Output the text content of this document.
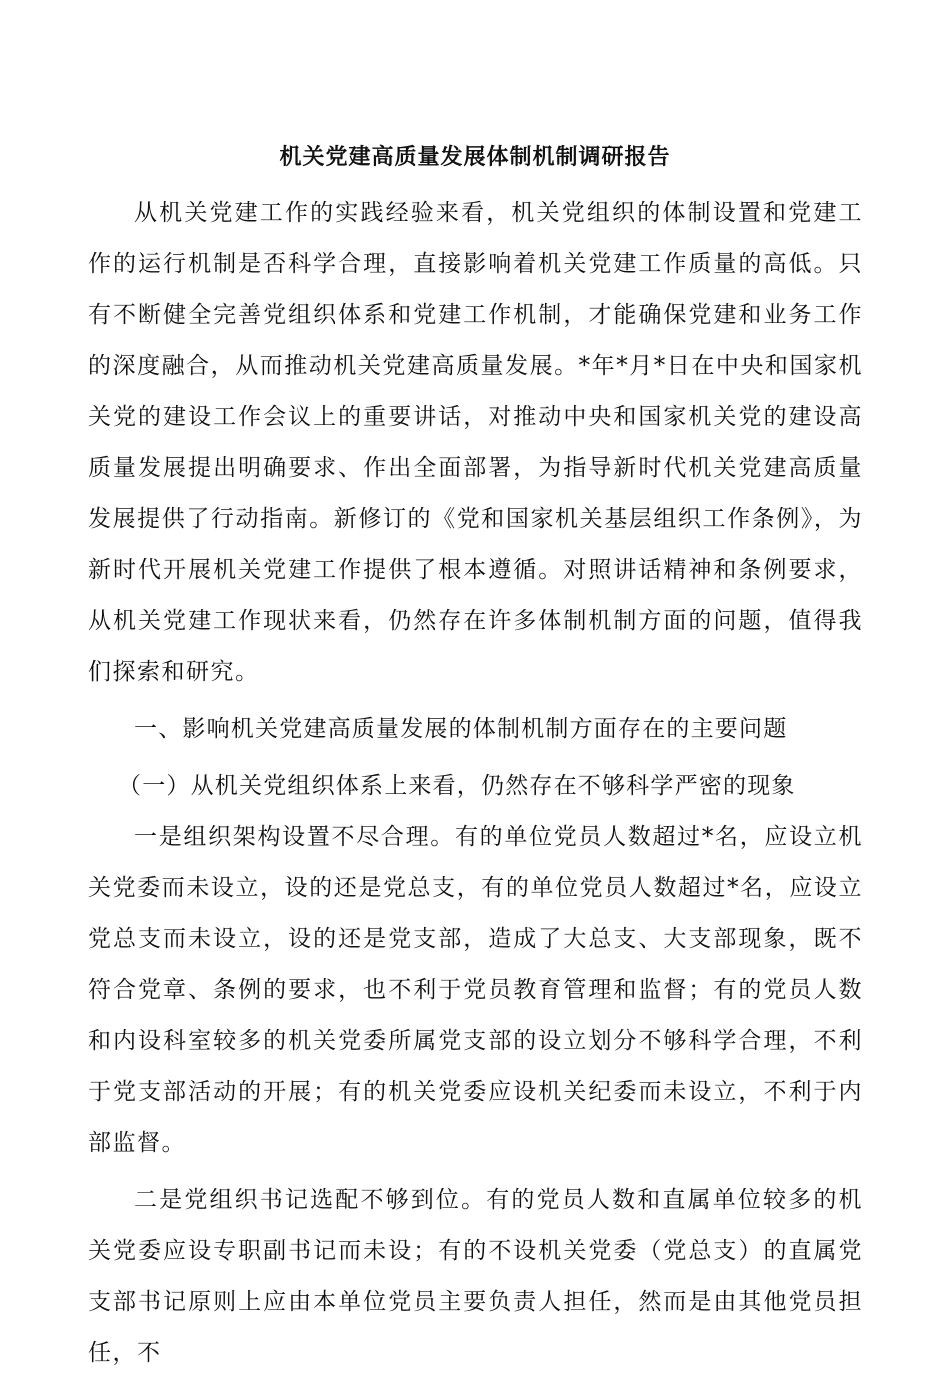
机关党建高质量发展体制机制调研报告

从机关党建工作的实践经验来看，机关党组织的体制设置和党建工作的运行机制是否科学合理，直接影响着机关党建工作质量的高低。只有不断健全完善党组织体系和党建工作机制，才能确保党建和业务工作的深度融合，从而推动机关党建高质量发展。*年*月*日在中央和国家机关党的建设工作会议上的重要讲话，对推动中央和国家机关党的建设高质量发展提出明确要求、作出全面部署，为指导新时代机关党建高质量发展提供了行动指南。新修订的《党和国家机关基层组织工作条例》，为新时代开展机关党建工作提供了根本遵循。对照讲话精神和条例要求，从机关党建工作现状来看，仍然存在许多体制机制方面的问题，值得我们探索和研究。

一、影响机关党建高质量发展的体制机制方面存在的主要问题

（一）从机关党组织体系上来看，仍然存在不够科学严密的现象

一是组织架构设置不尽合理。有的单位党员人数超过*名，应设立机关党委而未设立，设的还是党总支，有的单位党员人数超过*名，应设立党总支而未设立，设的还是党支部，造成了大总支、大支部现象，既不符合党章、条例的要求，也不利于党员教育管理和监督；有的党员人数和内设科室较多的机关党委所属党支部的设立划分不够科学合理，不利于党支部活动的开展；有的机关党委应设机关纪委而未设立，不利于内部监督。

二是党组织书记选配不够到位。有的党员人数和直属单位较多的机关党委应设专职副书记而未设；有的不设机关党委（党总支）的直属党支部书记原则上应由本单位党员主要负责人担任，然而是由其他党员担任，不
